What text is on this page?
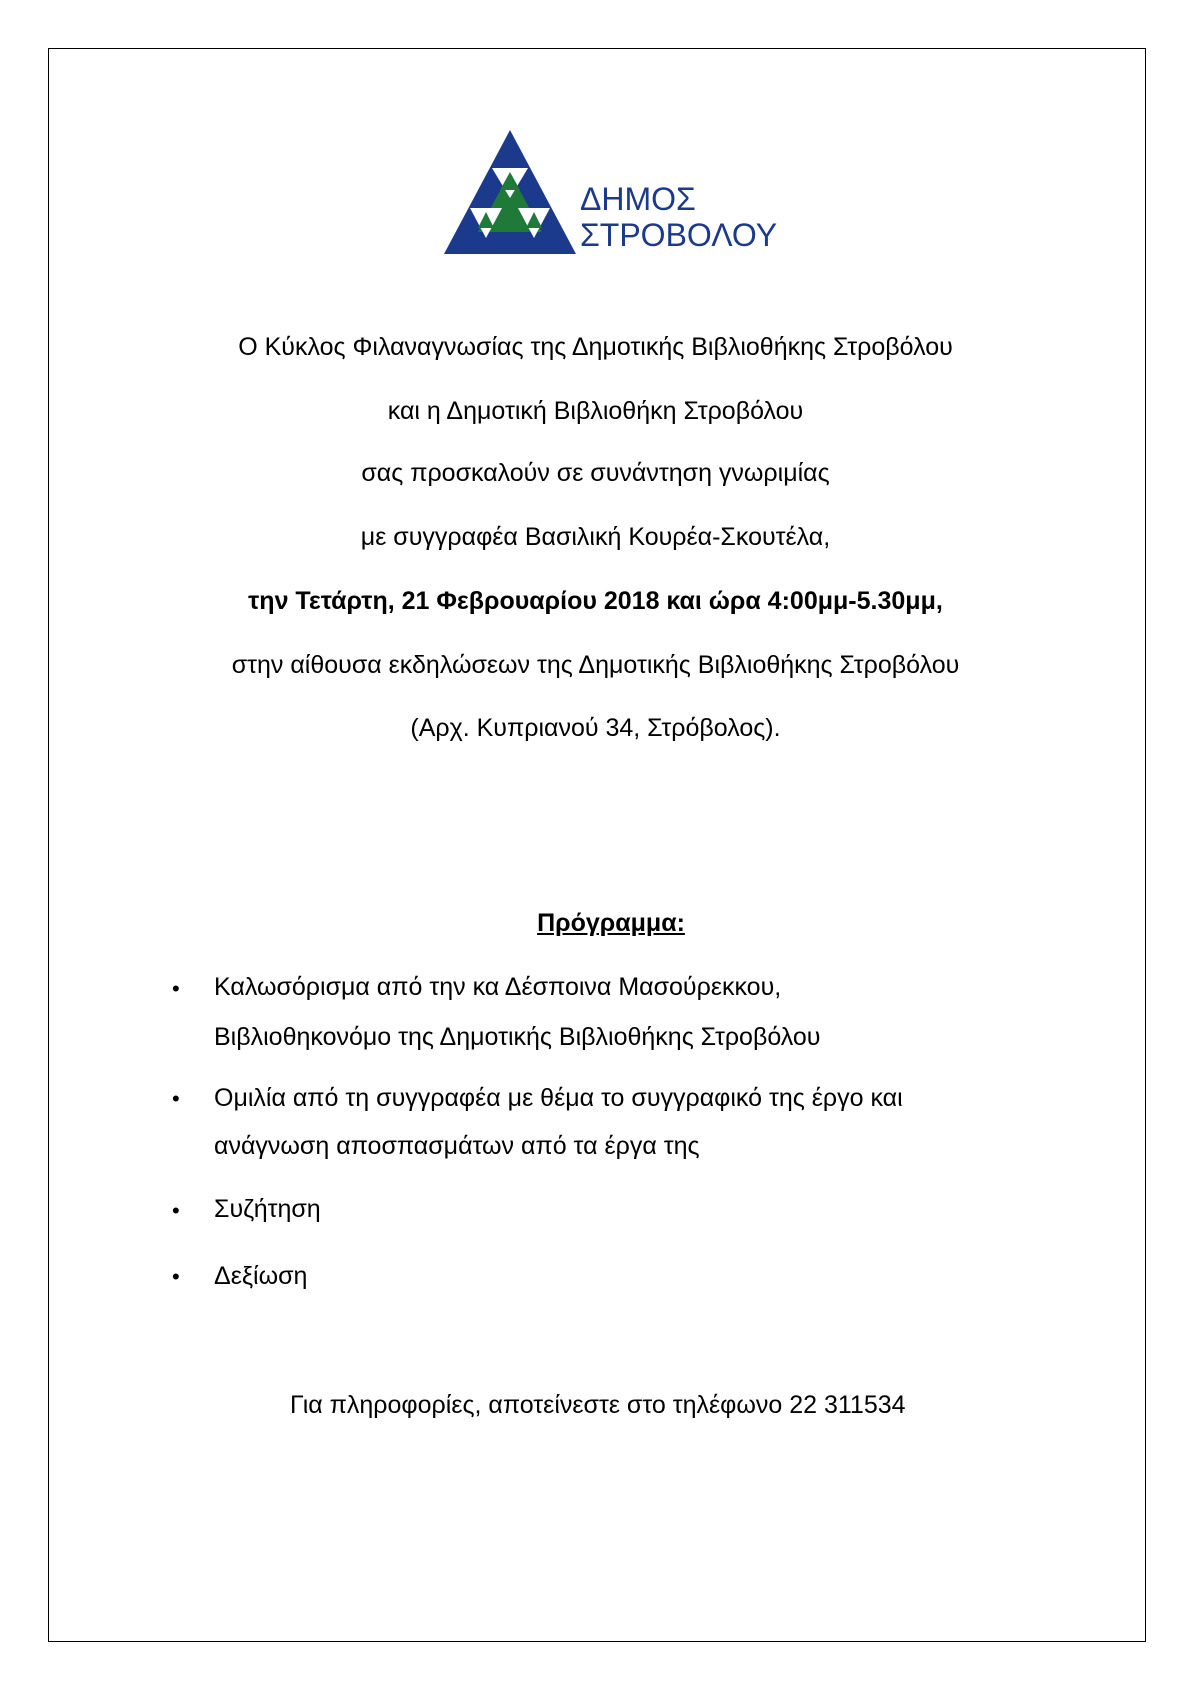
ΔΗΜΟΣ
ΣΤΡΟΒΟΛΟΥ
Ο Κύκλος Φιλαναγνωσίας της Δημοτικής Βιβλιοθήκης Στροβόλου
και η Δημοτική Βιβλιοθήκη Στροβόλου
σας προσκαλούν σε συνάντηση γνωριμίας
με συγγραφέα Βασιλική Κουρέα-Σκουτέλα,
την Τετάρτη, 21 Φεβρουαρίου 2018 και ώρα 4:00μμ-5.30μμ,
στην αίθουσα εκδηλώσεων της Δημοτικής Βιβλιοθήκης Στροβόλου
(Αρχ. Κυπριανού 34, Στρόβολος).
Πρόγραμμα:
• Καλωσόρισμα από την κα Δέσποινα Μασούρεκκου,
Βιβλιοθηκονόμο της Δημοτικής Βιβλιοθήκης Στροβόλου
• Ομιλία από τη συγγραφέα με θέμα το συγγραφικό της έργο και
ανάγνωση αποσπασμάτων από τα έργα της
• Συζήτηση
• Δεξίωση
Για πληροφορίες, αποτείνεστε στο τηλέφωνο 22 311534
